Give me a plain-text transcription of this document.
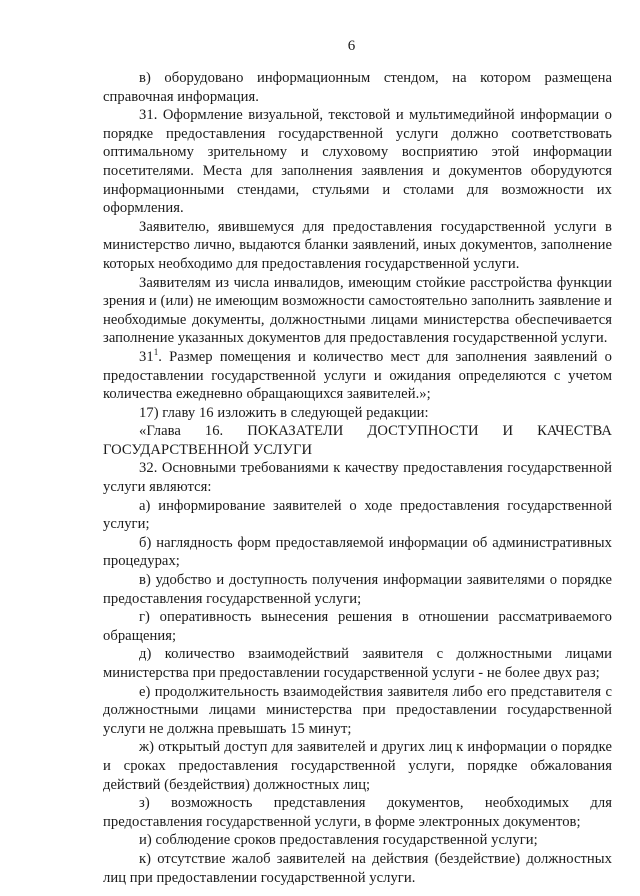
6

в) оборудовано информационным стендом, на котором размещена справочная информация.

31. Оформление визуальной, текстовой и мультимедийной информации о порядке предоставления государственной услуги должно соответствовать оптимальному зрительному и слуховому восприятию этой информации посетителями. Места для заполнения заявления и документов оборудуются информационными стендами, стульями и столами для возможности их оформления.

Заявителю, явившемуся для предоставления государственной услуги в министерство лично, выдаются бланки заявлений, иных документов, заполнение которых необходимо для предоставления государственной услуги.

Заявителям из числа инвалидов, имеющим стойкие расстройства функции зрения и (или) не имеющим возможности самостоятельно заполнить заявление и необходимые документы, должностными лицами министерства обеспечивается заполнение указанных документов для предоставления государственной услуги.

$31^1$. Размер помещения и количество мест для заполнения заявлений о предоставлении государственной услуги и ожидания определяются с учетом количества ежедневно обращающихся заявителей.»;

17) главу 16 изложить в следующей редакции:

«Глава 16. ПОКАЗАТЕЛИ ДОСТУПНОСТИ И КАЧЕСТВА ГОСУДАРСТВЕННОЙ УСЛУГИ

32. Основными требованиями к качеству предоставления государственной услуги являются:

а) информирование заявителей о ходе предоставления государственной услуги;

б) наглядность форм предоставляемой информации об административных процедурах;

в) удобство и доступность получения информации заявителями о порядке предоставления государственной услуги;

г) оперативность вынесения решения в отношении рассматриваемого обращения;

д) количество взаимодействий заявителя с должностными лицами министерства при предоставлении государственной услуги - не более двух раз;

е) продолжительность взаимодействия заявителя либо его представителя с должностными лицами министерства при предоставлении государственной услуги не должна превышать 15 минут;

ж) открытый доступ для заявителей и других лиц к информации о порядке и сроках предоставления государственной услуги, порядке обжалования действий (бездействия) должностных лиц;

з) возможность представления документов, необходимых для предоставления государственной услуги, в форме электронных документов;

и) соблюдение сроков предоставления государственной услуги;

к) отсутствие жалоб заявителей на действия (бездействие) должностных лиц при предоставлении государственной услуги.
